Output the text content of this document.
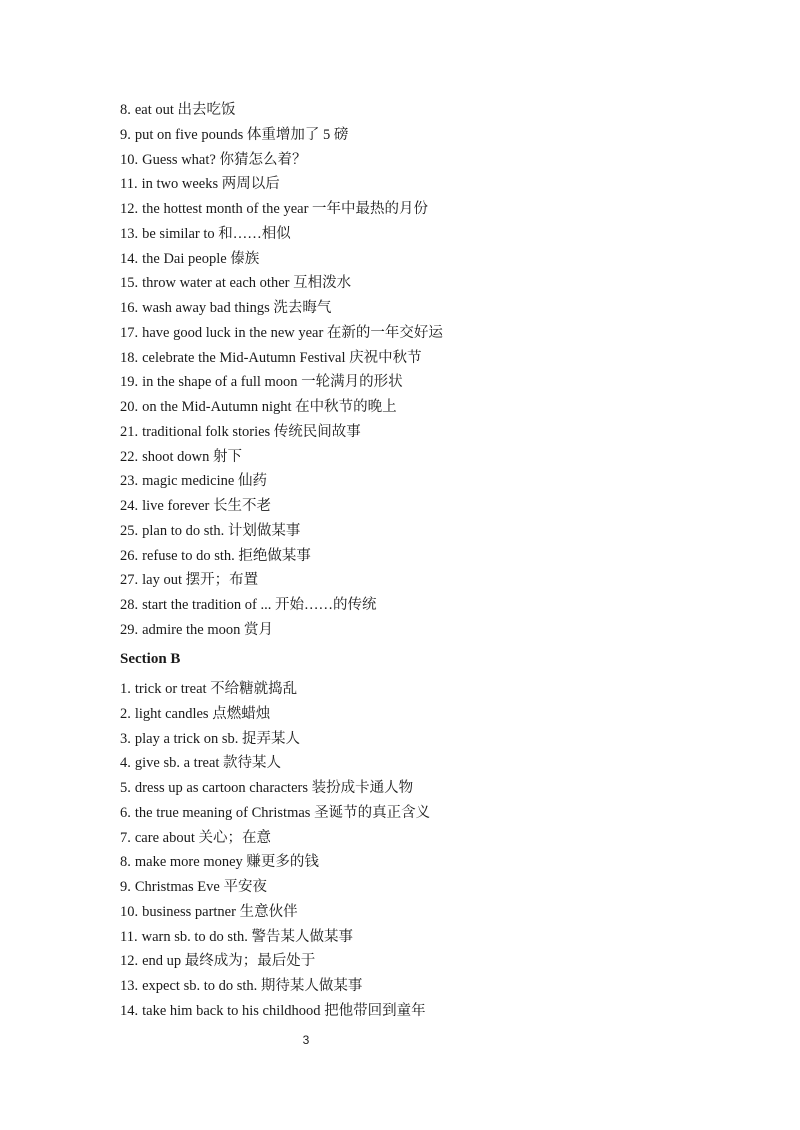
8. eat out 出去吃饭
9. put on five pounds 体重增加了 5 磅
10. Guess what? 你猜怎么着？
11. in two weeks 两周以后
12. the hottest month of the year 一年中最热的月份
13. be similar to 和……相似
14. the Dai people 傣族
15. throw water at each other 互相泼水
16. wash away bad things 洗去晦气
17. have good luck in the new year 在新的一年交好运
18. celebrate the Mid-Autumn Festival 庆祝中秋节
19. in the shape of a full moon 一轮满月的形状
20. on the Mid-Autumn night 在中秋节的晚上
21. traditional folk stories 传统民间故事
22. shoot down 射下
23. magic medicine 仙药
24. live forever 长生不老
25. plan to do sth. 计划做某事
26. refuse to do sth. 拒绝做某事
27. lay out 摆开；布置
28. start the tradition of ... 开始……的传统
29. admire the moon 赏月
Section B
1. trick or treat 不给糖就捣乱
2. light candles 点燃蜡烛
3. play a trick on sb. 捉弄某人
4. give sb. a treat 款待某人
5. dress up as cartoon characters 装扮成卡通人物
6. the true meaning of Christmas 圣诞节的真正含义
7. care about 关心；在意
8. make more money 赚更多的钱
9. Christmas Eve 平安夜
10. business partner 生意伙伴
11. warn sb. to do sth. 警告某人做某事
12. end up 最终成为；最后处于
13. expect sb. to do sth. 期待某人做某事
14. take him back to his childhood 把他带回到童年
3
